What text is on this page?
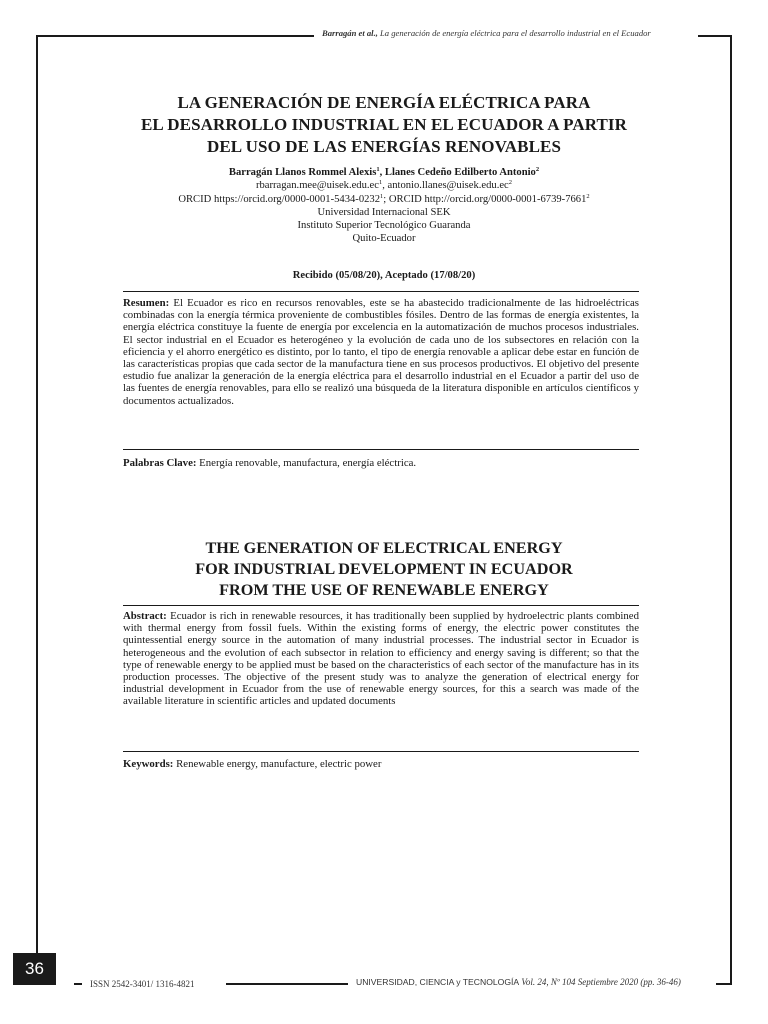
Barragán et al., La generación de energía eléctrica para el desarrollo industrial en el Ecuador
LA GENERACIÓN DE ENERGÍA ELÉCTRICA PARA
EL DESARROLLO INDUSTRIAL EN EL ECUADOR A PARTIR
DEL USO DE LAS ENERGÍAS RENOVABLES
Barragán Llanos Rommel Alexis$^1$, Llanes Cedeño Edilberto Antonio$^2$
$rbarragan.mee@uisek.edu.ec^1$, $antonio.llanes@uisek.edu.ec^2$
ORCID https://orcid.org/0000-0001-5434-0232$^1$; ORCID http://orcid.org/0000-0001-6739-7661$^2$
Universidad Internacional SEK
Instituto Superior Tecnológico Guaranda
Quito-Ecuador
Recibido (05/08/20), Aceptado (17/08/20)
Resumen: El Ecuador es rico en recursos renovables, este se ha abastecido tradicionalmente de las hidroeléctricas combinadas con la energía térmica proveniente de combustibles fósiles. Dentro de las formas de energía existentes, la energía eléctrica constituye la fuente de energía por excelencia en la automatización de muchos procesos industriales. El sector industrial en el Ecuador es heterogéneo y la evolución de cada uno de los subsectores en relación con la eficiencia y el ahorro energético es distinto, por lo tanto, el tipo de energía renovable a aplicar debe estar en función de las características propias que cada sector de la manufactura tiene en sus procesos productivos. El objetivo del presente estudio fue analizar la generación de la energía eléctrica para el desarrollo industrial en el Ecuador a partir del uso de las fuentes de energía renovables, para ello se realizó una búsqueda de la literatura disponible en artículos científicos y documentos actualizados.
Palabras Clave: Energía renovable, manufactura, energía eléctrica.
THE GENERATION OF ELECTRICAL ENERGY
FOR INDUSTRIAL DEVELOPMENT IN ECUADOR
FROM THE USE OF RENEWABLE ENERGY
Abstract: Ecuador is rich in renewable resources, it has traditionally been supplied by hydroelectric plants combined with thermal energy from fossil fuels. Within the existing forms of energy, the electric power constitutes the quintessential energy source in the automation of many industrial processes. The industrial sector in Ecuador is heterogeneous and the evolution of each subsector in relation to efficiency and energy saving is different; so that the type of renewable energy to be applied must be based on the characteristics of each sector of the manufacture has in its production processes. The objective of the present study was to analyze the generation of electrical energy for industrial development in Ecuador from the use of renewable energy sources, for this a search was made of the available literature in scientific articles and updated documents
Keywords: Renewable energy, manufacture, electric power
36
ISSN 2542-3401/ 1316-4821	UNIVERSIDAD, CIENCIA y TECNOLOGÍA Vol. 24, Nº 104 Septiembre 2020 (pp. 36-46)
